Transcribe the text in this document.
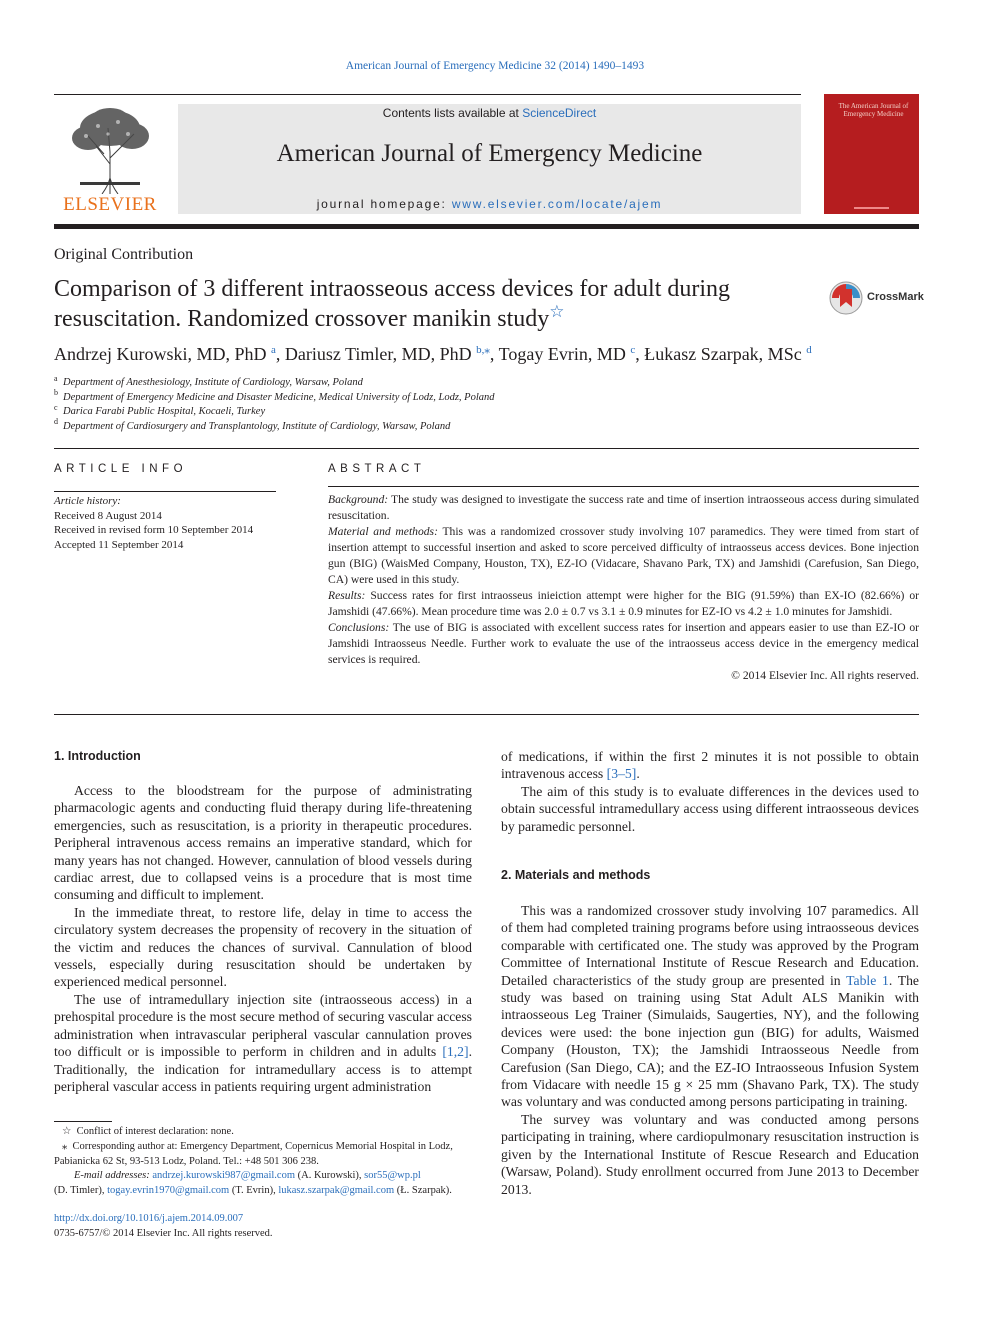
American Journal of Emergency Medicine 32 (2014) 1490–1493
ELSEVIER
Contents lists available at ScienceDirect
American Journal of Emergency Medicine
journal homepage: www.elsevier.com/locate/ajem
The American Journal of Emergency Medicine
Original Contribution
Comparison of 3 different intraosseous access devices for adult during resuscitation. Randomized crossover manikin study☆
CrossMark
Andrzej Kurowski, MD, PhD $^a$, Dariusz Timler, MD, PhD $^{b,⁎}$, Togay Evrin, MD $^c$, Łukasz Szarpak, MSc $^d$
a Department of Anesthesiology, Institute of Cardiology, Warsaw, Poland
b Department of Emergency Medicine and Disaster Medicine, Medical University of Lodz, Lodz, Poland
c Darica Farabi Public Hospital, Kocaeli, Turkey
d Department of Cardiosurgery and Transplantology, Institute of Cardiology, Warsaw, Poland
ARTICLE INFO
Article history:
Received 8 August 2014
Received in revised form 10 September 2014
Accepted 11 September 2014
ABSTRACT

Background: The study was designed to investigate the success rate and time of insertion intraosseous access during simulated resuscitation.

Material and methods: This was a randomized crossover study involving 107 paramedics. They were timed from start of insertion attempt to successful insertion and asked to score perceived difficulty of intraosseus access devices. Bone injection gun (BIG) (WaisMed Company, Houston, TX), EZ-IO (Vidacare, Shavano Park, TX) and Jamshidi (Carefusion, San Diego, CA) were used in this study.

Results: Success rates for first intraosseus inieiction attempt were higher for the BIG (91.59%) than EX-IO (82.66%) or Jamshidi (47.66%). Mean procedure time was 2.0 ± 0.7 vs 3.1 ± 0.9 minutes for EZ-IO vs 4.2 ± 1.0 minutes for Jamshidi.

Conclusions: The use of BIG is associated with excellent success rates for insertion and appears easier to use than EZ-IO or Jamshidi Intraosseus Needle. Further work to evaluate the use of the intraosseus access device in the emergency medical services is required.

© 2014 Elsevier Inc. All rights reserved.

1. Introduction

Access to the bloodstream for the purpose of administrating pharmacologic agents and conducting fluid therapy during life-threatening emergencies, such as resuscitation, is a priority in therapeutic procedures. Peripheral intravenous access remains an imperative standard, which for many years has not changed. However, cannulation of blood vessels during cardiac arrest, due to collapsed veins is a procedure that is most time consuming and difficult to implement.

In the immediate threat, to restore life, delay in time to access the circulatory system decreases the propensity of recovery in the situation of the victim and reduces the chances of survival. Cannulation of blood vessels, especially during resuscitation should be undertaken by experienced medical personnel.

The use of intramedullary injection site (intraosseous access) in a prehospital procedure is the most secure method of securing vascular access administration when intravascular peripheral vascular cannulation proves too difficult or is impossible to perform in children and in adults [1,2]. Traditionally, the indication for intramedullary access is to attempt peripheral vascular access in patients requiring urgent administration

☆ Conflict of interest declaration: none.

⁎ Corresponding author at: Emergency Department, Copernicus Memorial Hospital in Lodz, Pabianicka 62 St, 93-513 Lodz, Poland. Tel.: +48 501 306 238.

E-mail addresses: andrzej.kurowski987@gmail.com (A. Kurowski), sor55@wp.pl

(D. Timler), togay.evrin1970@gmail.com (T. Evrin), lukasz.szarpak@gmail.com (Ł. Szarpak).

http://dx.doi.org/10.1016/j.ajem.2014.09.007

0735-6757/© 2014 Elsevier Inc. All rights reserved.

of medications, if within the first 2 minutes it is not possible to obtain intravenous access [3–5].

The aim of this study is to evaluate differences in the devices used to obtain successful intramedullary access using different intraosseous devices by paramedic personnel.

2. Materials and methods

This was a randomized crossover study involving 107 paramedics. All of them had completed training programs before using intraosseous devices comparable with certificated one. The study was approved by the Program Committee of International Institute of Rescue Research and Education. Detailed characteristics of the study group are presented in Table 1. The study was based on training using Stat Adult ALS Manikin with intraosseous Leg Trainer (Simulaids, Saugerties, NY), and the following devices were used: the bone injection gun (BIG) for adults, Waismed Company (Houston, TX); the Jamshidi Intraosseous Needle from Carefusion (San Diego, CA); and the EZ-IO Intraosseous Infusion System from Vidacare with needle 15 g × 25 mm (Shavano Park, TX). The study was voluntary and was conducted among persons participating in training.

The survey was voluntary and was conducted among persons participating in training, where cardiopulmonary resuscitation instruction is given by the International Institute of Rescue Research and Education (Warsaw, Poland). Study enrollment occurred from June 2013 to December 2013.
